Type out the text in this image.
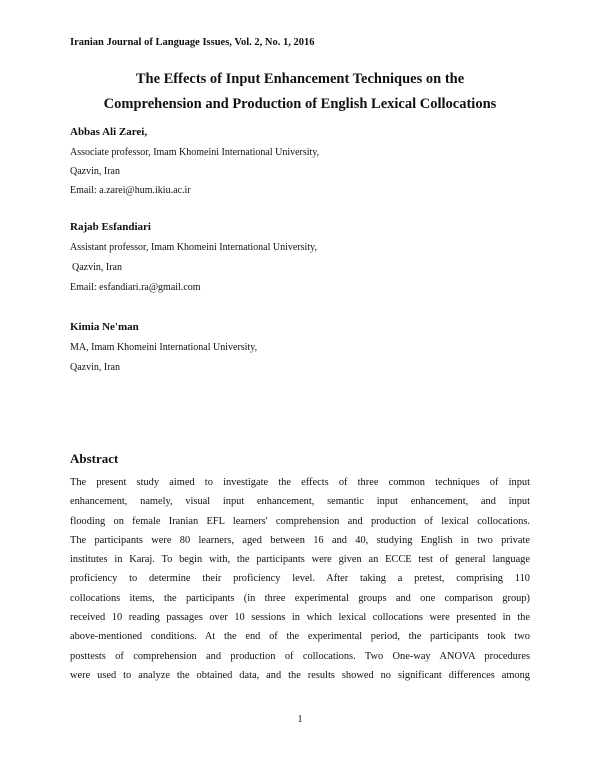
Iranian Journal of Language Issues, Vol. 2, No. 1, 2016
The Effects of Input Enhancement Techniques on the
Comprehension and Production of English Lexical Collocations
Abbas Ali Zarei,
Associate professor, Imam Khomeini International University,
Qazvin, Iran
Email: a.zarei@hum.ikiu.ac.ir
Rajab Esfandiari
Assistant professor, Imam Khomeini International University,
Qazvin, Iran
Email: esfandiari.ra@gmail.com
Kimia Ne'man
MA, Imam Khomeini International University,
Qazvin, Iran
Abstract
The present study aimed to investigate the effects of three common techniques of input
enhancement, namely, visual input enhancement, semantic input enhancement, and input
flooding on female Iranian EFL learners' comprehension and production of lexical collocations.
The participants were 80 learners, aged between 16 and 40, studying English in two private
institutes in Karaj. To begin with, the participants were given an ECCE test of general language
proficiency to determine their proficiency level. After taking a pretest, comprising 110
collocations items, the participants (in three experimental groups and one comparison group)
received 10 reading passages over 10 sessions in which lexical collocations were presented in the
above-mentioned conditions. At the end of the experimental period, the participants took two
posttests of comprehension and production of collocations. Two One-way ANOVA procedures
were used to analyze the obtained data, and the results showed no significant differences among
1
